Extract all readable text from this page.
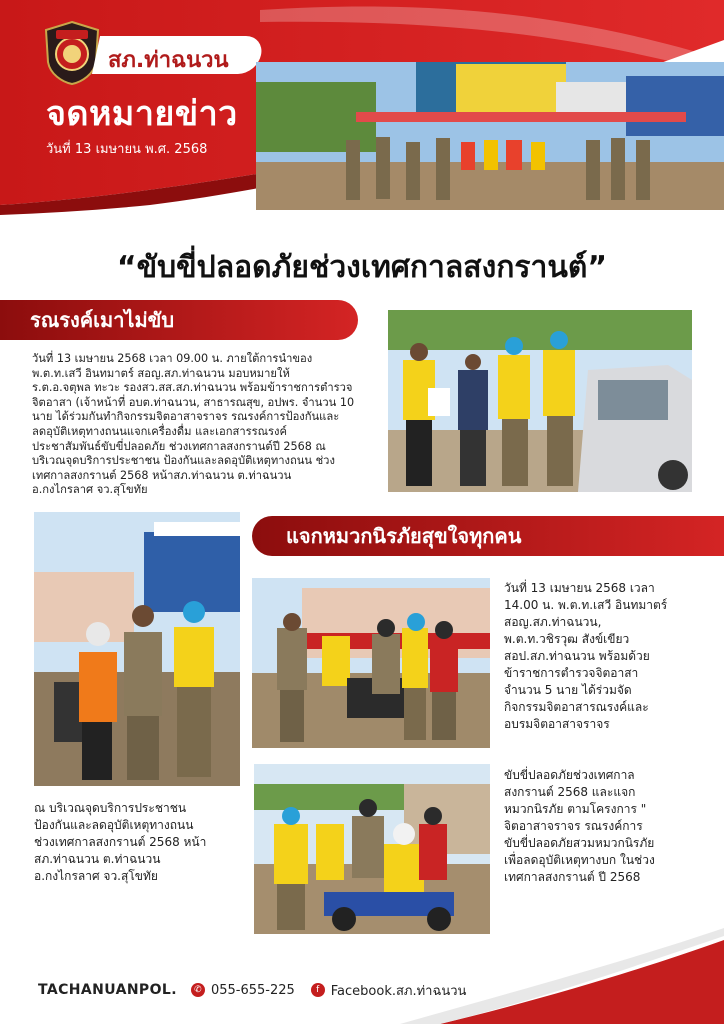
สภ.ท่าฉนวน
จดหมายข่าว
วันที่ 13 เมษายน พ.ศ. 2568
“ขับขี่ปลอดภัยช่วงเทศกาลสงกรานต์”
รณรงค์เมาไม่ขับ
วันที่ 13 เมษายน 2568 เวลา 09.00 น. ภายใต้การนำของ
พ.ต.ท.เสวี อินทมาตร์ สอญ.สภ.ท่าฉนวน มอบหมายให้
ร.ต.อ.จตุพล ทะวะ รองสว.สส.สภ.ท่าฉนวน พร้อมข้าราชการตำรวจ
จิตอาสา (เจ้าหน้าที่ อบต.ท่าฉนวน, สาธารณสุข, อปพร. จำนวน 10
นาย ได้ร่วมกันทำกิจกรรมจิตอาสาจราจร รณรงค์การป้องกันและ
ลดอุบัติเหตุทางถนนแจกเครื่องดื่ม และเอกสารรณรงค์
ประชาสัมพันธ์ขับขี่ปลอดภัย ช่วงเทศกาลสงกรานต์ปี 2568 ณ
บริเวณจุดบริการประชาชน ป้องกันและลดอุบัติเหตุทางถนน ช่วง
เทศกาลสงกรานต์ 2568 หน้าสภ.ท่าฉนวน ต.ท่าฉนวน
อ.กงไกรลาศ จว.สุโขทัย
แจกหมวกนิรภัยสุขใจทุกคน
วันที่ 13 เมษายน 2568 เวลา
14.00 น. พ.ต.ท.เสวี อินทมาตร์
สอญ.สภ.ท่าฉนวน,
พ.ต.ท.วชิรวุฒ สังข์เขียว
สอป.สภ.ท่าฉนวน พร้อมด้วย
ข้าราชการตำรวจจิตอาสา
จำนวน 5 นาย ได้ร่วมจัด
กิจกรรมจิตอาสารณรงค์และ
อบรมจิตอาสาจราจร
ขับขี่ปลอดภัยช่วงเทศกาล
สงกรานต์ 2568 และแจก
หมวกนิรภัย ตามโครงการ "
จิตอาสาจราจร รณรงค์การ
ขับขี่ปลอดภัยสวมหมวกนิรภัย
เพื่อลดอุบัติเหตุทางบก ในช่วง
เทศกาลสงกรานต์ ปี 2568
ณ บริเวณจุดบริการประชาชน
ป้องกันและลดอุบัติเหตุทางถนน
ช่วงเทศกาลสงกรานต์ 2568 หน้า
สภ.ท่าฉนวน ต.ท่าฉนวน
อ.กงไกรลาศ จว.สุโขทัย
TACHANUANPOL.	✆ 055-655-225	f Facebook.สภ.ท่าฉนวน
